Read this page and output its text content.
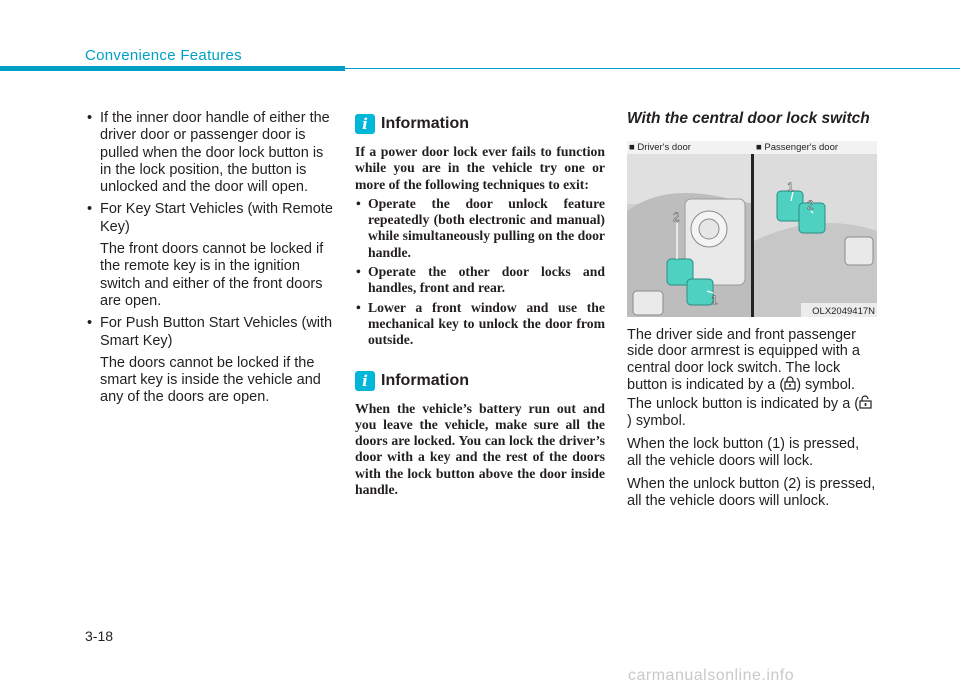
Convenience Features
• If the inner door handle of either the driver door or passenger door is pulled when the door lock button is in the lock position, the button is unlocked and the door will open.
• For Key Start Vehicles (with Remote Key)
The front doors cannot be locked if the remote key is in the ignition switch and either of the front doors are open.
• For Push Button Start Vehicles (with Smart Key)
The doors cannot be locked if the smart key is inside the vehicle and any of the doors are open.
i Information
If a power door lock ever fails to function while you are in the vehicle try one or more of the following techniques to exit:
• Operate the door unlock feature repeatedly (both electronic and manual) while simultaneously pulling on the door handle.
• Operate the other door locks and handles, front and rear.
• Lower a front window and use the mechanical key to unlock the door from outside.
i Information
When the vehicle’s battery run out and you leave the vehicle, make sure all the doors are locked. You can lock the driver’s door with a key and the rest of the doors with the lock button above the door inside handle.
With the central door lock switch
2
1
1
2
OLX2049417N
■ Driver's door	■ Passenger's door

The driver side and front passenger side door armrest is equipped with a central door lock switch. The lock button is indicated by a ( ) symbol. The unlock button is indicated by a () symbol.

When the lock button (1) is pressed, all the vehicle doors will lock.

When the unlock button (2) is pressed, all the vehicle doors will unlock.

3-18
carmanualsonline.info
